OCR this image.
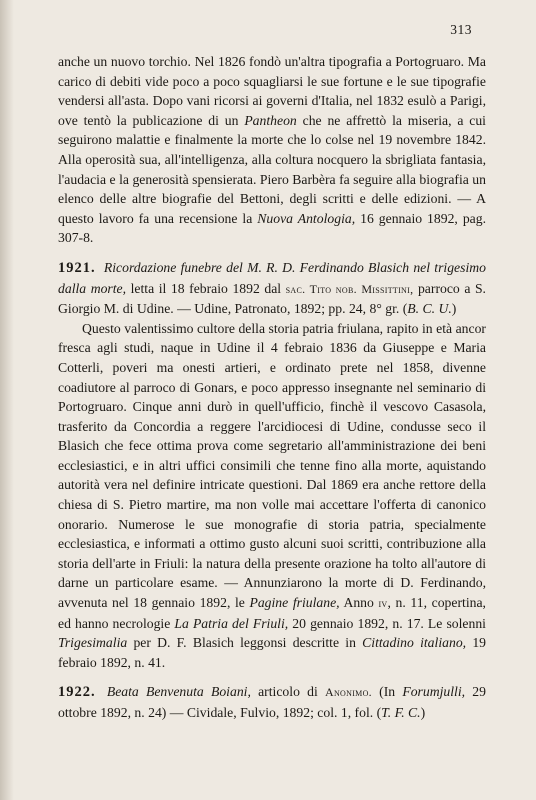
313

anche un nuovo torchio. Nel 1826 fondò un'altra tipografia a Portogruaro. Ma carico di debiti vide poco a poco squagliarsi le sue fortune e le sue tipografie vendersi all'asta. Dopo vani ricorsi ai governi d'Italia, nel 1832 esulò a Parigi, ove tentò la publicazione di un Pantheon che ne affrettò la miseria, a cui seguirono malattie e finalmente la morte che lo colse nel 19 novembre 1842. Alla operosità sua, all'intelligenza, alla coltura nocquero la sbrigliata fantasia, l'audacia e la generosità spensierata. Piero Barbèra fa seguire alla biografia un elenco delle altre biografie del Bettoni, degli scritti e delle edizioni. — A questo lavoro fa una recensione la Nuova Antologia, 16 gennaio 1892, pag. 307-8.

1921. Ricordazione funebre del M. R. D. Ferdinando Blasich nel trigesimo dalla morte, letta il 18 febraio 1892 dal sac. Tito nob. Missittini, parroco a S. Giorgio M. di Udine. — Udine, Patronato, 1892; pp. 24, 8° gr. (B. C. U.)

Questo valentissimo cultore della storia patria friulana, rapito in età ancor fresca agli studi, naque in Udine il 4 febraio 1836 da Giuseppe e Maria Cotterli, poveri ma onesti artieri, e ordinato prete nel 1858, divenne coadiutore al parroco di Gonars, e poco appresso insegnante nel seminario di Portogruaro. Cinque anni durò in quell'ufficio, finchè il vescovo Casasola, trasferito da Concordia a reggere l'arcidiocesi di Udine, condusse seco il Blasich che fece ottima prova come segretario all'amministrazione dei beni ecclesiastici, e in altri uffici consimili che tenne fino alla morte, aquistando autorità vera nel definire intricate questioni. Dal 1869 era anche rettore della chiesa di S. Pietro martire, ma non volle mai accettare l'offerta di canonico onorario. Numerose le sue monografie di storia patria, specialmente ecclesiastica, e informati a ottimo gusto alcuni suoi scritti, contribuzione alla storia dell'arte in Friuli: la natura della presente orazione ha tolto all'autore di darne un particolare esame. — Annunziarono la morte di D. Ferdinando, avvenuta nel 18 gennaio 1892, le Pagine friulane, Anno iv, n. 11, copertina, ed hanno necrologie La Patria del Friuli, 20 gennaio 1892, n. 17. Le solenni Trigesimalia per D. F. Blasich leggonsi descritte in Cittadino italiano, 19 febraio 1892, n. 41.

1922. Beata Benvenuta Boiani, articolo di Anonimo. (In Forumjulli, 29 ottobre 1892, n. 24) — Cividale, Fulvio, 1892; col. 1, fol. (T. F. C.)
